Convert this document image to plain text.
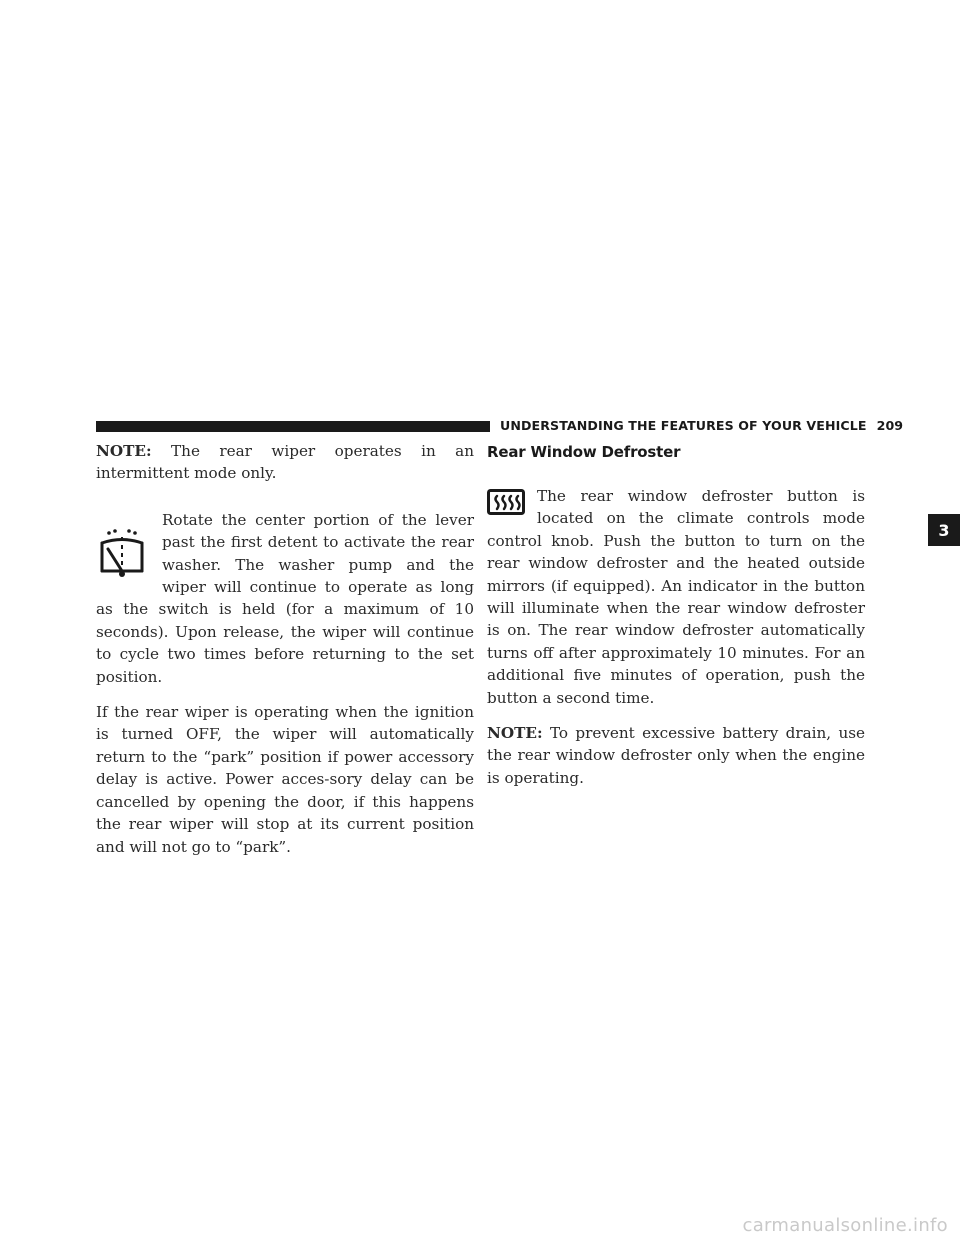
UNDERSTANDING THE FEATURES OF YOUR VEHICLE 209

NOTE: The rear wiper operates in an intermittent mode only.

Rotate the center portion of the lever past the first detent to activate the rear washer. The washer pump and the wiper will continue to operate as long as the switch is held (for a maximum of 10 seconds). Upon release, the wiper will continue to cycle two times before returning to the set position.

If the rear wiper is operating when the ignition is turned OFF, the wiper will automatically return to the “park” position if power accessory delay is active. Power acces-sory delay can be cancelled by opening the door, if this happens the rear wiper will stop at its current position and will not go to “park”.

Rear Window Defroster

The rear window defroster button is located on the climate controls mode control knob. Push the button to turn on the rear window defroster and the heated outside mirrors (if equipped). An indicator in the button will illuminate when the rear window defroster is on. The rear window defroster automatically turns off after approximately 10 minutes. For an additional five minutes of operation, push the button a second time.

NOTE: To prevent excessive battery drain, use the rear window defroster only when the engine is operating.

3
carmanualsonline.info
